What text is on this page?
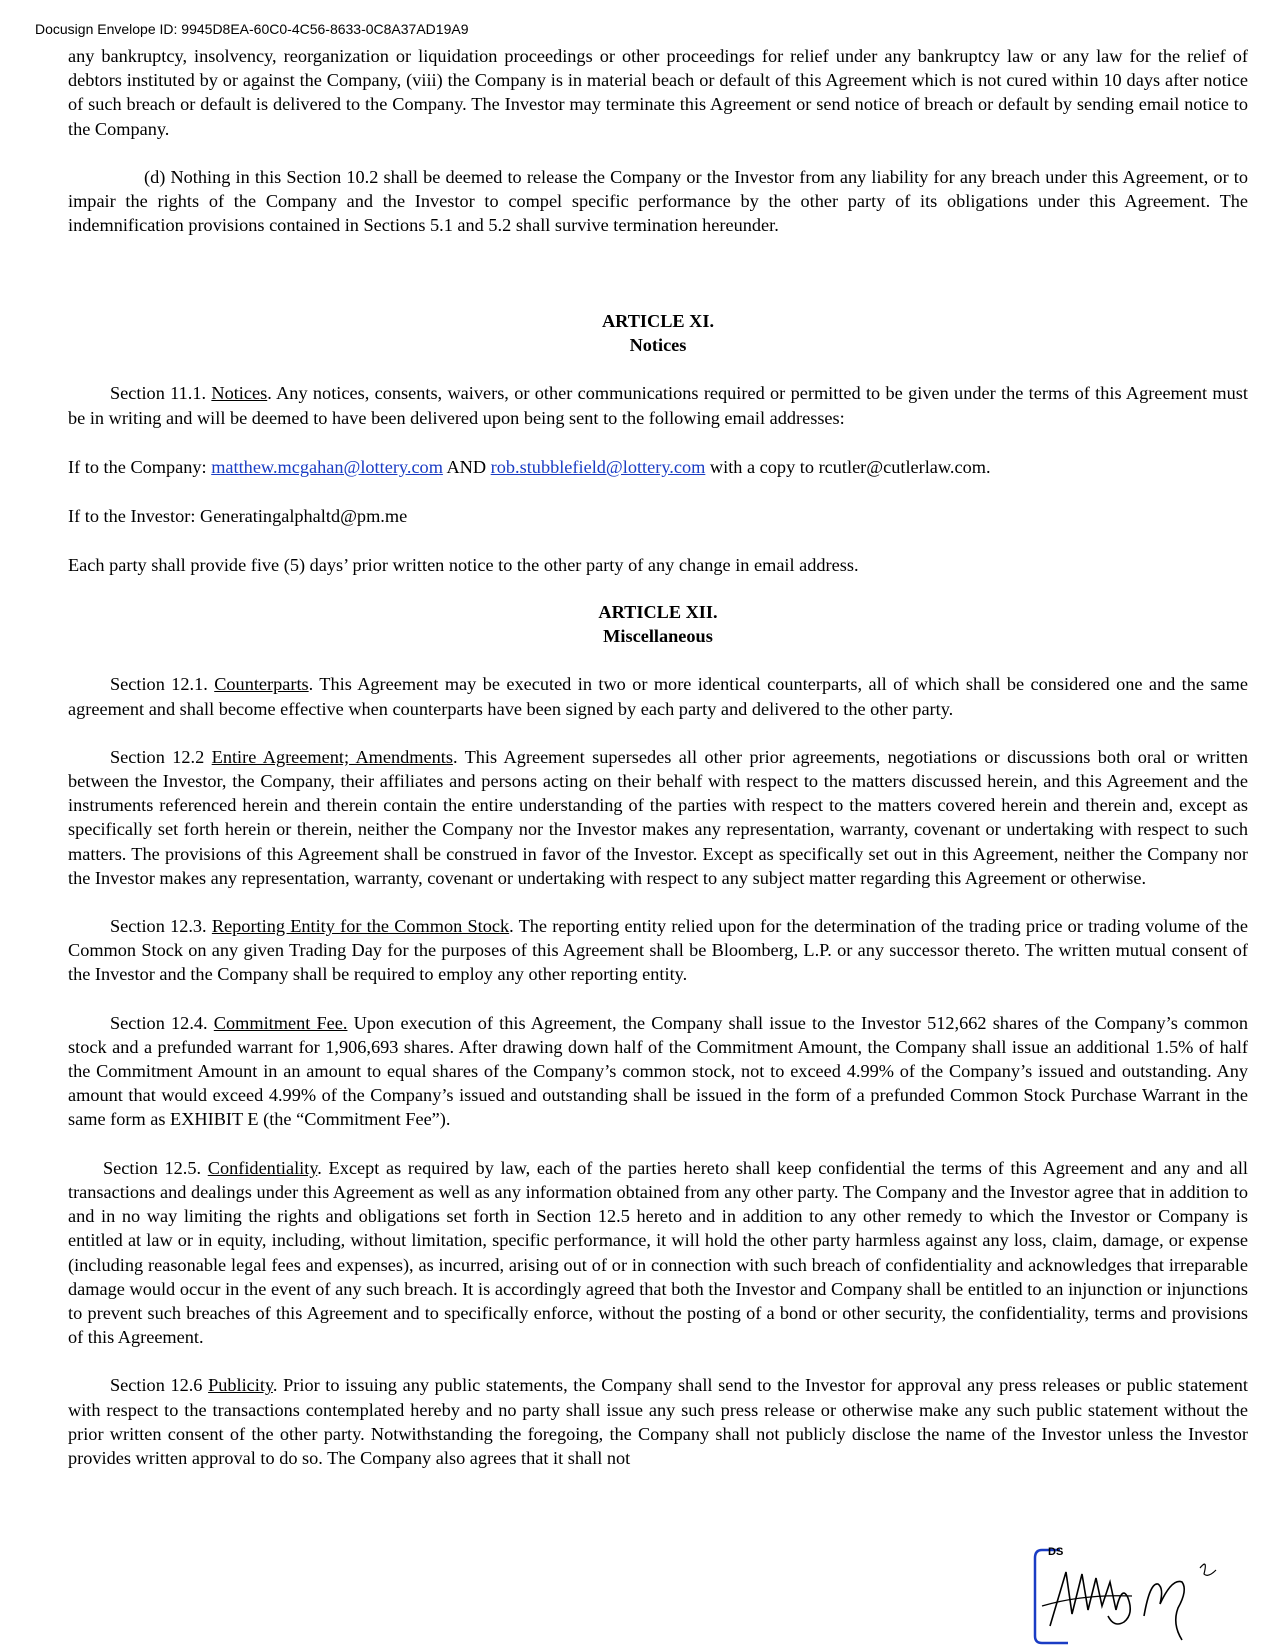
Docusign Envelope ID: 9945D8EA-60C0-4C56-8633-0C8A37AD19A9

any bankruptcy, insolvency, reorganization or liquidation proceedings or other proceedings for relief under any bankruptcy law or any law for the relief of debtors instituted by or against the Company, (viii) the Company is in material beach or default of this Agreement which is not cured within 10 days after notice of such breach or default is delivered to the Company. The Investor may terminate this Agreement or send notice of breach or default by sending email notice to the Company.

(d) Nothing in this Section 10.2 shall be deemed to release the Company or the Investor from any liability for any breach under this Agreement, or to impair the rights of the Company and the Investor to compel specific performance by the other party of its obligations under this Agreement. The indemnification provisions contained in Sections 5.1 and 5.2 shall survive termination hereunder.

ARTICLE XI.
Notices

Section 11.1. Notices. Any notices, consents, waivers, or other communications required or permitted to be given under the terms of this Agreement must be in writing and will be deemed to have been delivered upon being sent to the following email addresses:

If to the Company: matthew.mcgahan@lottery.com AND rob.stubblefield@lottery.com with a copy to rcutler@cutlerlaw.com.

If to the Investor: Generatingalphaltd@pm.me

Each party shall provide five (5) days’ prior written notice to the other party of any change in email address.

ARTICLE XII.
Miscellaneous

Section 12.1. Counterparts. This Agreement may be executed in two or more identical counterparts, all of which shall be considered one and the same agreement and shall become effective when counterparts have been signed by each party and delivered to the other party.

Section 12.2 Entire Agreement; Amendments. This Agreement supersedes all other prior agreements, negotiations or discussions both oral or written between the Investor, the Company, their affiliates and persons acting on their behalf with respect to the matters discussed herein, and this Agreement and the instruments referenced herein and therein contain the entire understanding of the parties with respect to the matters covered herein and therein and, except as specifically set forth herein or therein, neither the Company nor the Investor makes any representation, warranty, covenant or undertaking with respect to such matters. The provisions of this Agreement shall be construed in favor of the Investor. Except as specifically set out in this Agreement, neither the Company nor the Investor makes any representation, warranty, covenant or undertaking with respect to any subject matter regarding this Agreement or otherwise.

Section 12.3. Reporting Entity for the Common Stock. The reporting entity relied upon for the determination of the trading price or trading volume of the Common Stock on any given Trading Day for the purposes of this Agreement shall be Bloomberg, L.P. or any successor thereto. The written mutual consent of the Investor and the Company shall be required to employ any other reporting entity.

Section 12.4. Commitment Fee. Upon execution of this Agreement, the Company shall issue to the Investor 512,662 shares of the Company’s common stock and a prefunded warrant for 1,906,693 shares. After drawing down half of the Commitment Amount, the Company shall issue an additional 1.5% of half the Commitment Amount in an amount to equal shares of the Company’s common stock, not to exceed 4.99% of the Company’s issued and outstanding. Any amount that would exceed 4.99% of the Company’s issued and outstanding shall be issued in the form of a prefunded Common Stock Purchase Warrant in the same form as EXHIBIT E (the “Commitment Fee”).

Section 12.5. Confidentiality. Except as required by law, each of the parties hereto shall keep confidential the terms of this Agreement and any and all transactions and dealings under this Agreement as well as any information obtained from any other party. The Company and the Investor agree that in addition to and in no way limiting the rights and obligations set forth in Section 12.5 hereto and in addition to any other remedy to which the Investor or Company is entitled at law or in equity, including, without limitation, specific performance, it will hold the other party harmless against any loss, claim, damage, or expense (including reasonable legal fees and expenses), as incurred, arising out of or in connection with such breach of confidentiality and acknowledges that irreparable damage would occur in the event of any such breach. It is accordingly agreed that both the Investor and Company shall be entitled to an injunction or injunctions to prevent such breaches of this Agreement and to specifically enforce, without the posting of a bond or other security, the confidentiality, terms and provisions of this Agreement.

Section 12.6 Publicity. Prior to issuing any public statements, the Company shall send to the Investor for approval any press releases or public statement with respect to the transactions contemplated hereby and no party shall issue any such press release or otherwise make any such public statement without the prior written consent of the other party. Notwithstanding the foregoing, the Company shall not publicly disclose the name of the Investor unless the Investor provides written approval to do so. The Company also agrees that it shall not

DS
